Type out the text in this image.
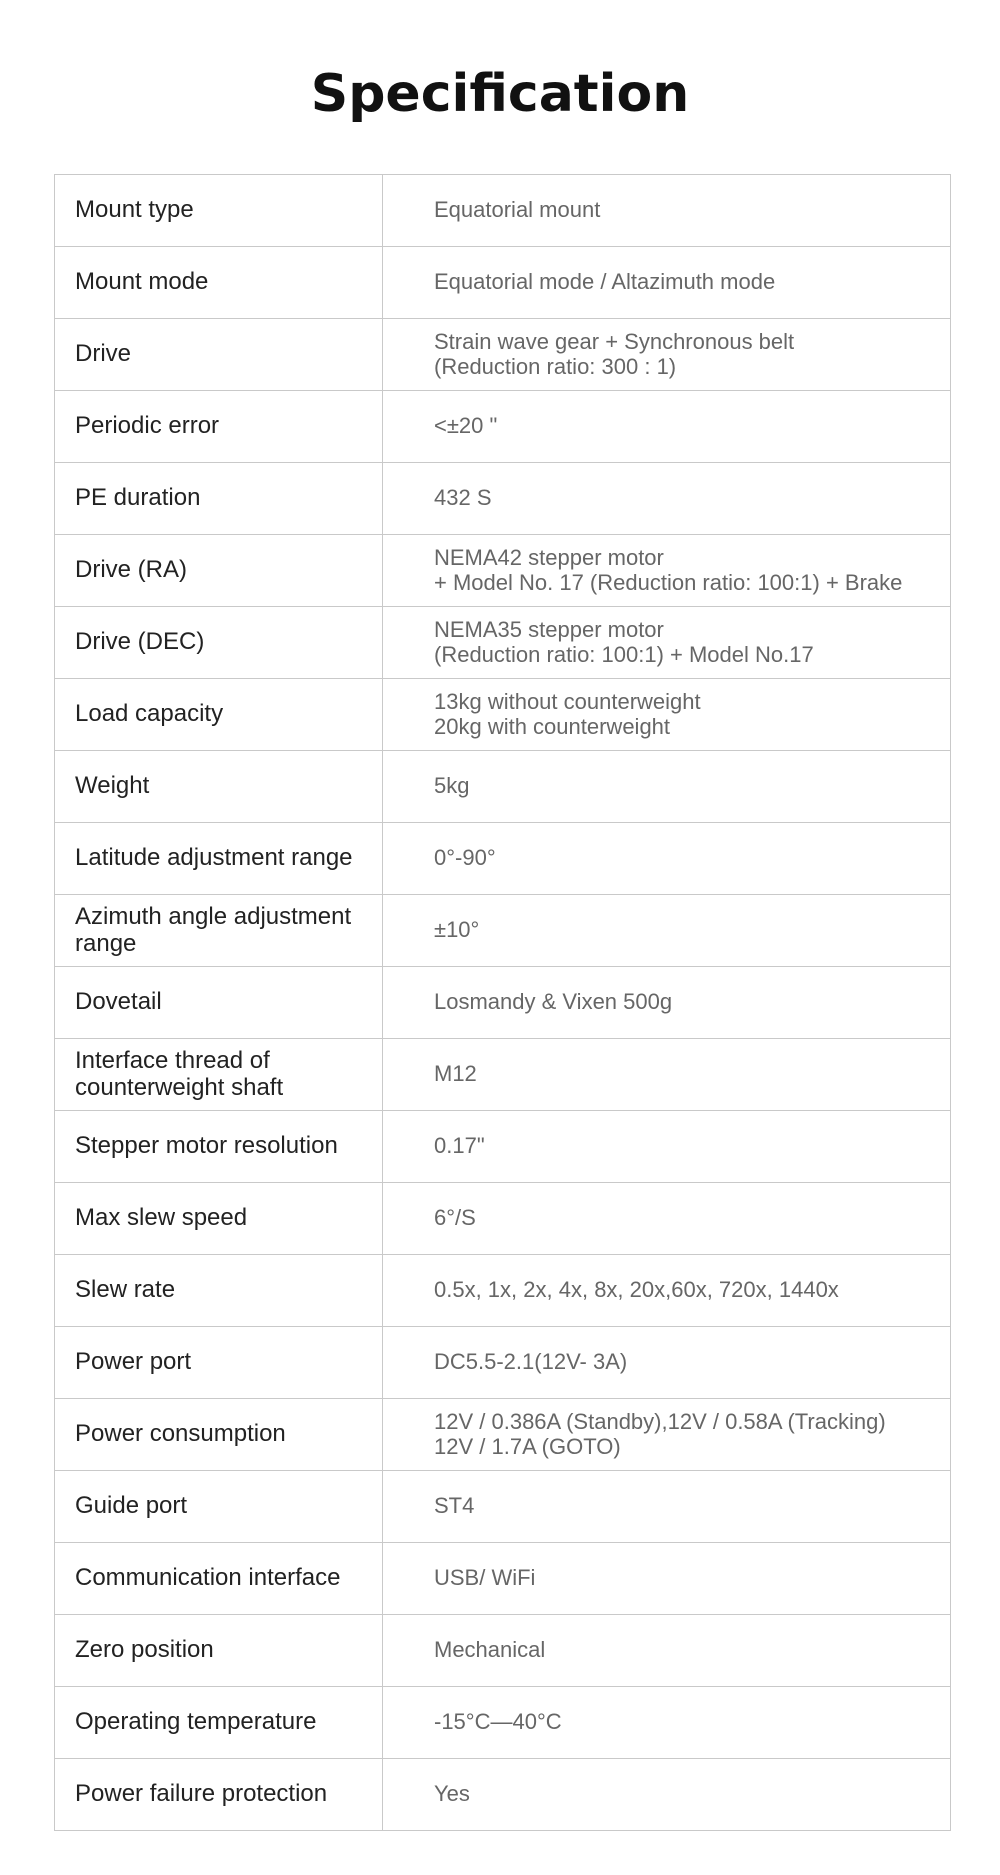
Specification
Mount type	Equatorial mount

Mount mode	Equatorial mode / Altazimuth mode

Drive	Strain wave gear + Synchronous belt
(Reduction ratio: 300 : 1)

Periodic error	<±20 "

PE duration	432 S

Drive (RA)	NEMA42 stepper motor
+ Model No. 17 (Reduction ratio: 100:1) + Brake

Drive (DEC)	NEMA35 stepper motor
(Reduction ratio: 100:1) + Model No.17

Load capacity	13kg without counterweight
20kg with counterweight

Weight	5kg

Latitude adjustment range	0°-90°

Azimuth angle adjustment range	±10°

Dovetail	Losmandy & Vixen 500g

Interface thread of counterweight shaft	M12

Stepper motor resolution	0.17"

Max slew speed	6°/S

Slew rate	0.5x, 1x, 2x, 4x, 8x, 20x,60x, 720x, 1440x

Power port	DC5.5-2.1(12V- 3A)

Power consumption	12V / 0.386A (Standby),12V / 0.58A (Tracking)
12V / 1.7A (GOTO)

Guide port	ST4

Communication interface	USB/ WiFi

Zero position	Mechanical

Operating temperature	-15°C—40°C

Power failure protection	Yes
